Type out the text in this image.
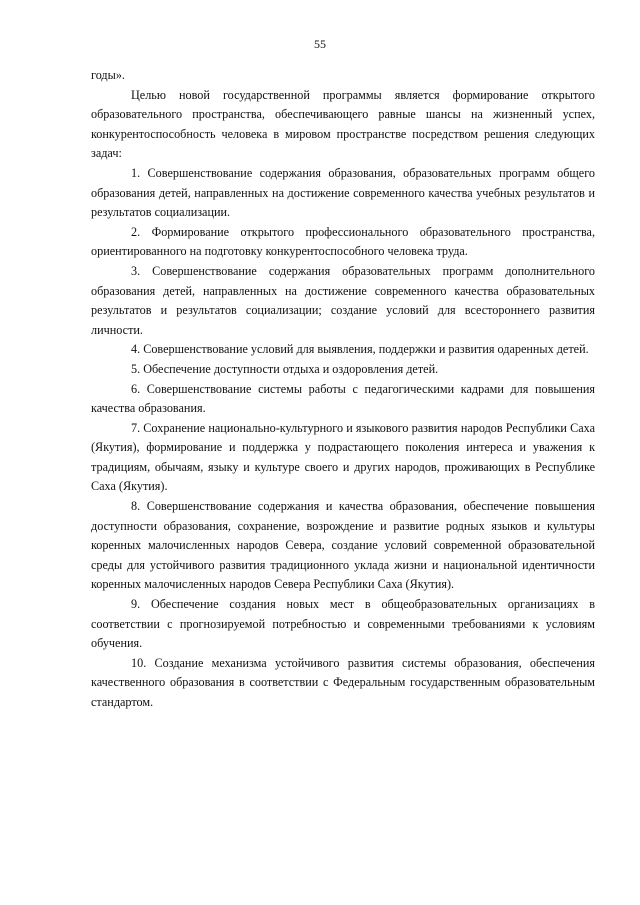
55

годы».

Целью новой государственной программы является формирование открытого образовательного пространства, обеспечивающего равные шансы на жизненный успех, конкурентоспособность человека в мировом пространстве посредством решения следующих задач:

1. Совершенствование содержания образования, образовательных программ общего образования детей, направленных на достижение современного качества учебных результатов и результатов социализации.

2. Формирование открытого профессионального образовательного пространства, ориентированного на подготовку конкурентоспособного человека труда.

3. Совершенствование содержания образовательных программ дополнительного образования детей, направленных на достижение современного качества образовательных результатов и результатов социализации; создание условий для всестороннего развития личности.

4. Совершенствование условий для выявления, поддержки и развития одаренных детей.

5. Обеспечение доступности отдыха и оздоровления детей.

6. Совершенствование системы работы с педагогическими кадрами для повышения качества образования.

7. Сохранение национально-культурного и языкового развития народов Республики Саха (Якутия), формирование и поддержка у подрастающего поколения интереса и уважения к традициям, обычаям, языку и культуре своего и других народов, проживающих в Республике Саха (Якутия).

8. Совершенствование содержания и качества образования, обеспечение повышения доступности образования, сохранение, возрождение и развитие родных языков и культуры коренных малочисленных народов Севера, создание условий современной образовательной среды для устойчивого развития традиционного уклада жизни и национальной идентичности коренных малочисленных народов Севера Республики Саха (Якутия).

9. Обеспечение создания новых мест в общеобразовательных организациях в соответствии с прогнозируемой потребностью и современными требованиями к условиям обучения.

10. Создание механизма устойчивого развития системы образования, обеспечения качественного образования в соответствии с Федеральным государственным образовательным стандартом.
